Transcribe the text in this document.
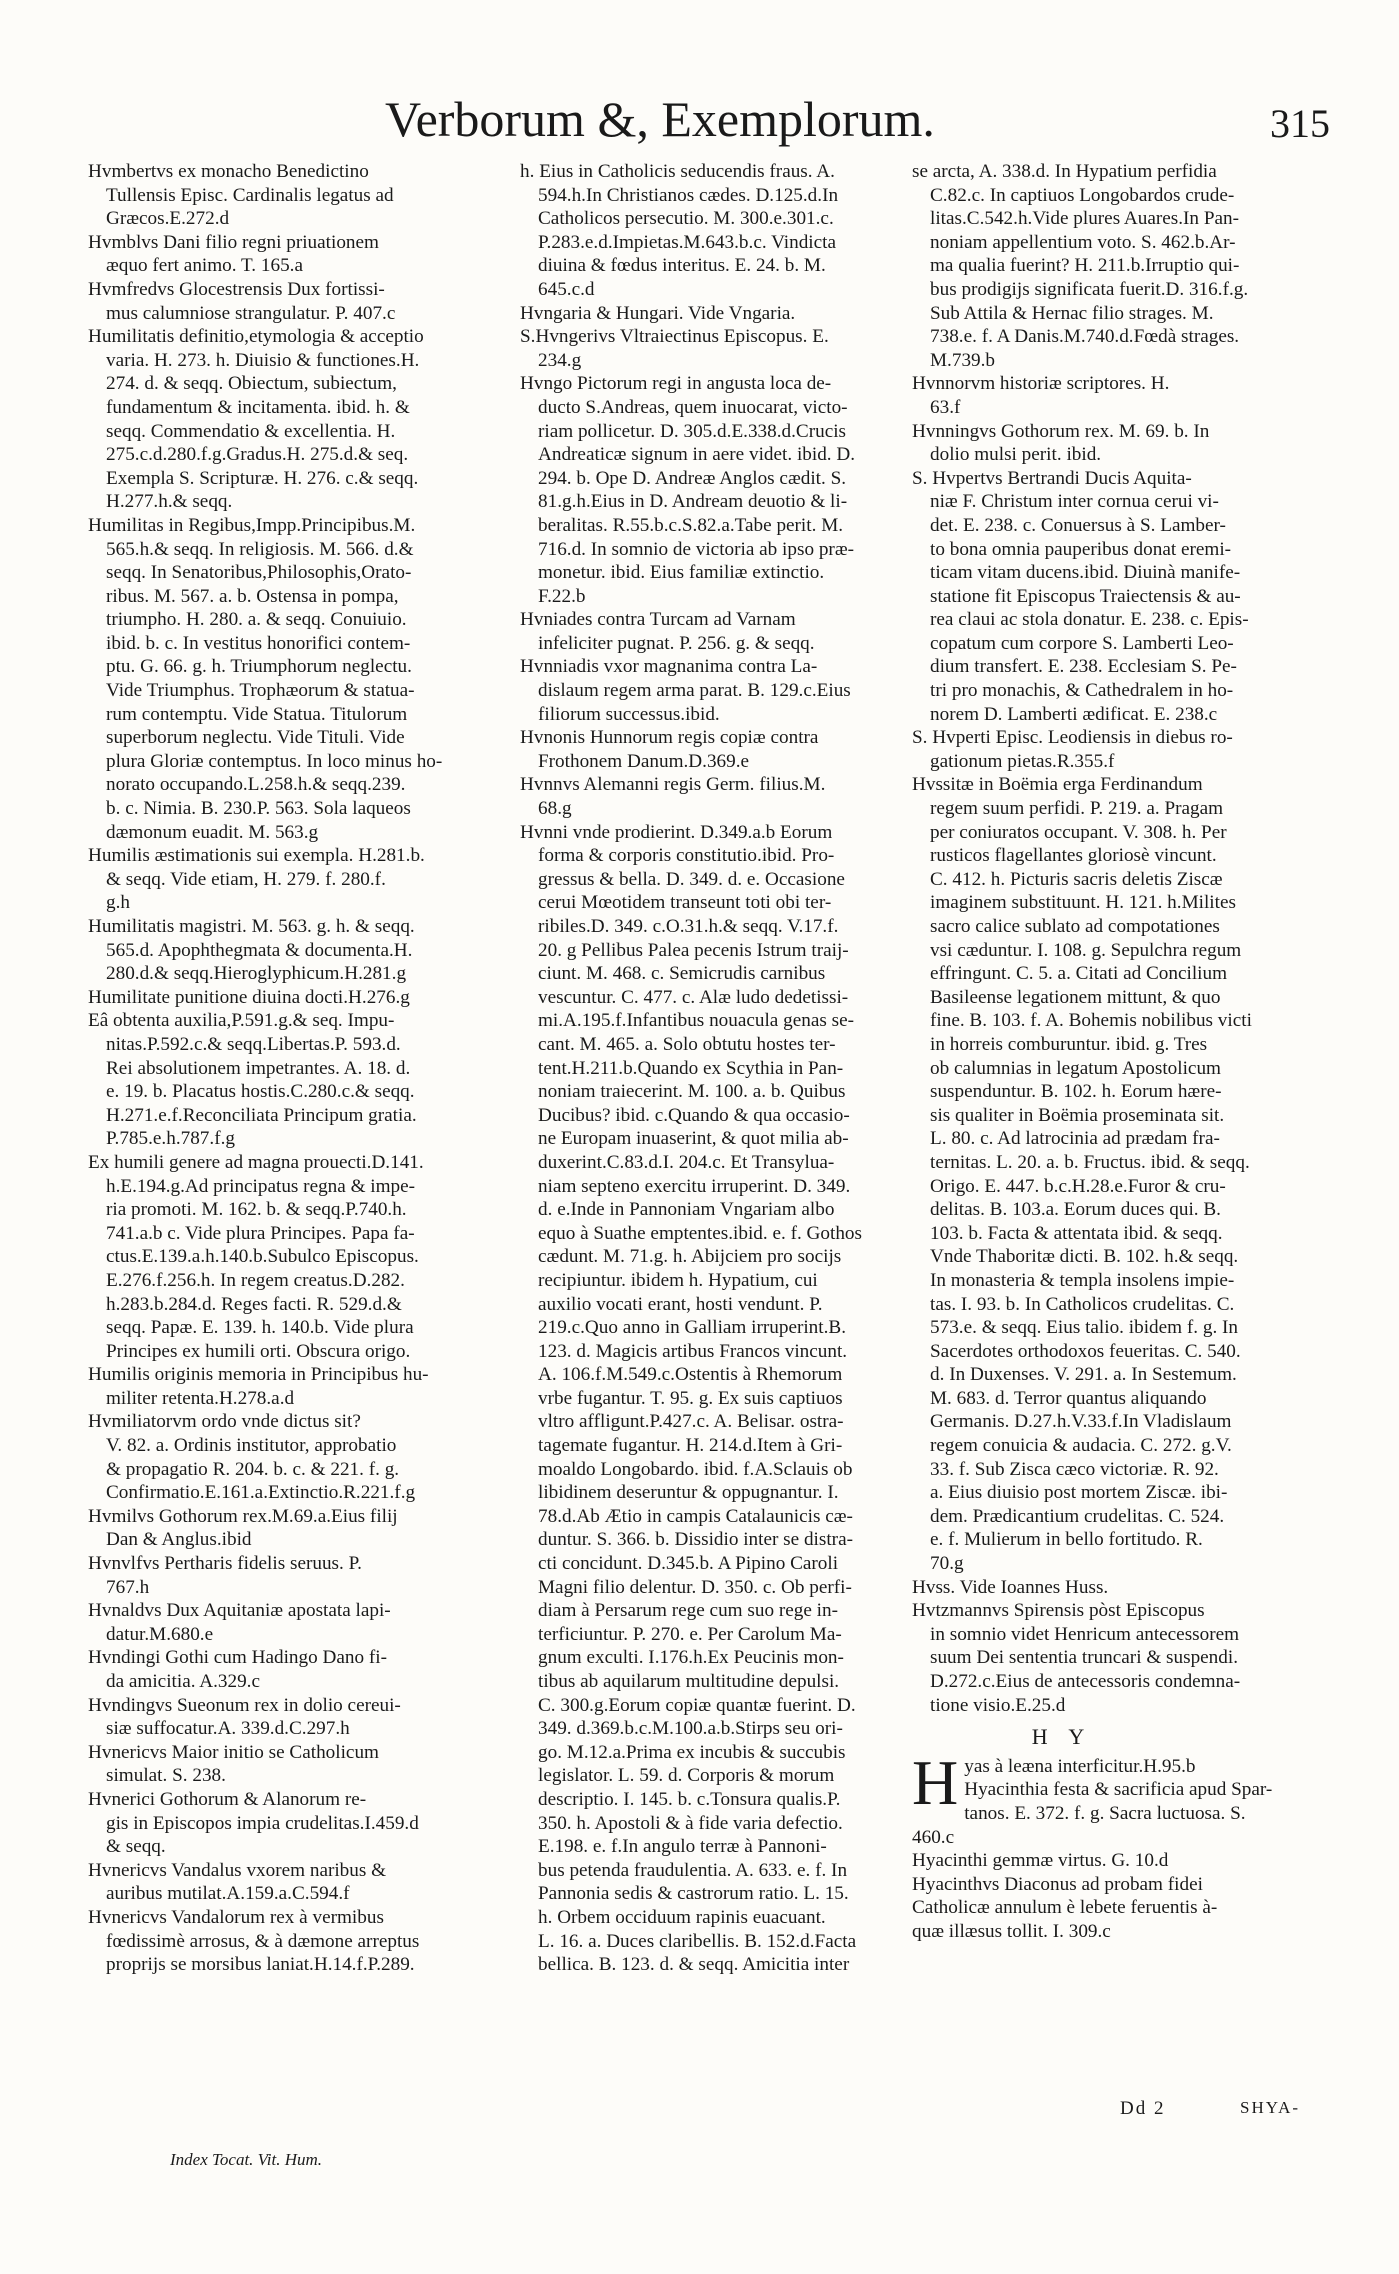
Verborum &, Exemplorum.	315
Hvmbertvs ex monacho Benedictino
Tullensis Episc. Cardinalis legatus ad
Græcos.E.272.d
Hvmblvs Dani filio regni priuationem
æquo fert animo. T. 165.a
Hvmfredvs Glocestrensis Dux fortissi-
mus calumniose strangulatur. P. 407.c
Humilitatis definitio,etymologia & acceptio
varia. H. 273. h. Diuisio & functiones.H.
274. d. & seqq. Obiectum, subiectum,
fundamentum & incitamenta. ibid. h. &
seqq. Commendatio & excellentia. H.
275.c.d.280.f.g.Gradus.H. 275.d.& seq.
Exempla S. Scripturæ. H. 276. c.& seqq.
H.277.h.& seqq.
Humilitas in Regibus,Impp.Principibus.M.
565.h.& seqq. In religiosis. M. 566. d.&
seqq. In Senatoribus,Philosophis,Orato-
ribus. M. 567. a. b. Ostensa in pompa,
triumpho. H. 280. a. & seqq. Conuiuio.
ibid. b. c. In vestitus honorifici contem-
ptu. G. 66. g. h. Triumphorum neglectu.
Vide Triumphus. Trophæorum & statua-
rum contemptu. Vide Statua. Titulorum
superborum neglectu. Vide Tituli. Vide
plura Gloriæ contemptus. In loco minus ho-
norato occupando.L.258.h.& seqq.239.
b. c. Nimia. B. 230.P. 563. Sola laqueos
dæmonum euadit. M. 563.g
Humilis æstimationis sui exempla. H.281.b.
& seqq. Vide etiam, H. 279. f. 280.f.
g.h
Humilitatis magistri. M. 563. g. h. & seqq.
565.d. Apophthegmata & documenta.H.
280.d.& seqq.Hieroglyphicum.H.281.g
Humilitate punitione diuina docti.H.276.g
Eâ obtenta auxilia,P.591.g.& seq. Impu-
nitas.P.592.c.& seqq.Libertas.P. 593.d.
Rei absolutionem impetrantes. A. 18. d.
e. 19. b. Placatus hostis.C.280.c.& seqq.
H.271.e.f.Reconciliata Principum gratia.
P.785.e.h.787.f.g
Ex humili genere ad magna prouecti.D.141.
h.E.194.g.Ad principatus regna & impe-
ria promoti. M. 162. b. & seqq.P.740.h.
741.a.b c. Vide plura Principes. Papa fa-
ctus.E.139.a.h.140.b.Subulco Episcopus.
E.276.f.256.h. In regem creatus.D.282.
h.283.b.284.d. Reges facti. R. 529.d.&
seqq. Papæ. E. 139. h. 140.b. Vide plura
Principes ex humili orti. Obscura origo.
Humilis originis memoria in Principibus hu-
militer retenta.H.278.a.d
Hvmiliatorvm ordo vnde dictus sit?
V. 82. a. Ordinis institutor, approbatio
& propagatio R. 204. b. c. & 221. f. g.
Confirmatio.E.161.a.Extinctio.R.221.f.g
Hvmilvs Gothorum rex.M.69.a.Eius filij
Dan & Anglus.ibid
Hvnvlfvs Pertharis fidelis seruus. P.
767.h
Hvnaldvs Dux Aquitaniæ apostata lapi-
datur.M.680.e
Hvndingi Gothi cum Hadingo Dano fi-
da amicitia. A.329.c
Hvndingvs Sueonum rex in dolio cereui-
siæ suffocatur.A. 339.d.C.297.h
Hvnericvs Maior initio se Catholicum
simulat. S. 238.
Hvnerici Gothorum & Alanorum re-
gis in Episcopos impia crudelitas.I.459.d
& seqq.
Hvnericvs Vandalus vxorem naribus &
auribus mutilat.A.159.a.C.594.f
Hvnericvs Vandalorum rex à vermibus
fœdissimè arrosus, & à dæmone arreptus
proprijs se morsibus laniat.H.14.f.P.289.
h. Eius in Catholicis seducendis fraus. A.
594.h.In Christianos cædes. D.125.d.In
Catholicos persecutio. M. 300.e.301.c.
P.283.e.d.Impietas.M.643.b.c. Vindicta
diuina & fœdus interitus. E. 24. b. M.
645.c.d
Hvngaria & Hungari. Vide Vngaria.
S.Hvngerivs Vltraiectinus Episcopus. E.
234.g
Hvngo Pictorum regi in angusta loca de-
ducto S.Andreas, quem inuocarat, victo-
riam pollicetur. D. 305.d.E.338.d.Crucis
Andreaticæ signum in aere videt. ibid. D.
294. b. Ope D. Andreæ Anglos cædit. S.
81.g.h.Eius in D. Andream deuotio & li-
beralitas. R.55.b.c.S.82.a.Tabe perit. M.
716.d. In somnio de victoria ab ipso præ-
monetur. ibid. Eius familiæ extinctio.
F.22.b
Hvniades contra Turcam ad Varnam
infeliciter pugnat. P. 256. g. & seqq.
Hvnniadis vxor magnanima contra La-
dislaum regem arma parat. B. 129.c.Eius
filiorum successus.ibid.
Hvnonis Hunnorum regis copiæ contra
Frothonem Danum.D.369.e
Hvnnvs Alemanni regis Germ. filius.M.
68.g
Hvnni vnde prodierint. D.349.a.b Eorum
forma & corporis constitutio.ibid. Pro-
gressus & bella. D. 349. d. e. Occasione
cerui Mœotidem transeunt toti obi ter-
ribiles.D. 349. c.O.31.h.& seqq. V.17.f.
20. g Pellibus Palea pecenis Istrum traij-
ciunt. M. 468. c. Semicrudis carnibus
vescuntur. C. 477. c. Alæ ludo dedetissi-
mi.A.195.f.Infantibus nouacula genas se-
cant. M. 465. a. Solo obtutu hostes ter-
tent.H.211.b.Quando ex Scythia in Pan-
noniam traiecerint. M. 100. a. b. Quibus
Ducibus? ibid. c.Quando & qua occasio-
ne Europam inuaserint, & quot milia ab-
duxerint.C.83.d.I. 204.c. Et Transylua-
niam septeno exercitu irruperint. D. 349.
d. e.Inde in Pannoniam Vngariam albo
equo à Suathe emptentes.ibid. e. f. Gothos
cædunt. M. 71.g. h. Abijciem pro socijs
recipiuntur. ibidem h. Hypatium, cui
auxilio vocati erant, hosti vendunt. P.
219.c.Quo anno in Galliam irruperint.B.
123. d. Magicis artibus Francos vincunt.
A. 106.f.M.549.c.Ostentis à Rhemorum
vrbe fugantur. T. 95. g. Ex suis captiuos
vltro affligunt.P.427.c. A. Belisar. ostra-
tagemate fugantur. H. 214.d.Item à Gri-
moaldo Longobardo. ibid. f.A.Sclauis ob
libidinem deseruntur & oppugnantur. I.
78.d.Ab Ætio in campis Catalaunicis cæ-
duntur. S. 366. b. Dissidio inter se distra-
cti concidunt. D.345.b. A Pipino Caroli
Magni filio delentur. D. 350. c. Ob perfi-
diam à Persarum rege cum suo rege in-
terficiuntur. P. 270. e. Per Carolum Ma-
gnum exculti. I.176.h.Ex Peucinis mon-
tibus ab aquilarum multitudine depulsi.
C. 300.g.Eorum copiæ quantæ fuerint. D.
349. d.369.b.c.M.100.a.b.Stirps seu ori-
go. M.12.a.Prima ex incubis & succubis
legislator. L. 59. d. Corporis & morum
descriptio. I. 145. b. c.Tonsura qualis.P.
350. h. Apostoli & à fide varia defectio.
E.198. e. f.In angulo terræ à Pannoni-
bus petenda fraudulentia. A. 633. e. f. In
Pannonia sedis & castrorum ratio. L. 15.
h. Orbem occiduum rapinis euacuant.
L. 16. a. Duces claribellis. B. 152.d.Facta
bellica. B. 123. d. & seqq. Amicitia inter
se arcta, A. 338.d. In Hypatium perfidia
C.82.c. In captiuos Longobardos crude-
litas.C.542.h.Vide plures Auares.In Pan-
noniam appellentium voto. S. 462.b.Ar-
ma qualia fuerint? H. 211.b.Irruptio qui-
bus prodigijs significata fuerit.D. 316.f.g.
Sub Attila & Hernac filio strages. M.
738.e. f. A Danis.M.740.d.Fœdà strages.
M.739.b
Hvnnorvm historiæ scriptores. H.
63.f
Hvnningvs Gothorum rex. M. 69. b. In
dolio mulsi perit. ibid.
S. Hvpertvs Bertrandi Ducis Aquita-
niæ F. Christum inter cornua cerui vi-
det. E. 238. c. Conuersus à S. Lamber-
to bona omnia pauperibus donat eremi-
ticam vitam ducens.ibid. Diuinà manife-
statione fit Episcopus Traiectensis & au-
rea claui ac stola donatur. E. 238. c. Epis-
copatum cum corpore S. Lamberti Leo-
dium transfert. E. 238. Ecclesiam S. Pe-
tri pro monachis, & Cathedralem in ho-
norem D. Lamberti ædificat. E. 238.c
S. Hvperti Episc. Leodiensis in diebus ro-
gationum pietas.R.355.f
Hvssitæ in Boëmia erga Ferdinandum
regem suum perfidi. P. 219. a. Pragam
per coniuratos occupant. V. 308. h. Per
rusticos flagellantes gloriosè vincunt.
C. 412. h. Picturis sacris deletis Ziscæ
imaginem substituunt. H. 121. h.Milites
sacro calice sublato ad compotationes
vsi cæduntur. I. 108. g. Sepulchra regum
effringunt. C. 5. a. Citati ad Concilium
Basileense legationem mittunt, & quo
fine. B. 103. f. A. Bohemis nobilibus victi
in horreis comburuntur. ibid. g. Tres
ob calumnias in legatum Apostolicum
suspenduntur. B. 102. h. Eorum hære-
sis qualiter in Boëmia proseminata sit.
L. 80. c. Ad latrocinia ad prædam fra-
ternitas. L. 20. a. b. Fructus. ibid. & seqq.
Origo. E. 447. b.c.H.28.e.Furor & cru-
delitas. B. 103.a. Eorum duces qui. B.
103. b. Facta & attentata ibid. & seqq.
Vnde Thaboritæ dicti. B. 102. h.& seqq.
In monasteria & templa insolens impie-
tas. I. 93. b. In Catholicos crudelitas. C.
573.e. & seqq. Eius talio. ibidem f. g. In
Sacerdotes orthodoxos feueritas. C. 540.
d. In Duxenses. V. 291. a. In Sestemum.
M. 683. d. Terror quantus aliquando
Germanis. D.27.h.V.33.f.In Vladislaum
regem conuicia & audacia. C. 272. g.V.
33. f. Sub Zisca cæco victoriæ. R. 92.
a. Eius diuisio post mortem Ziscæ. ibi-
dem. Prædicantium crudelitas. C. 524.
e. f. Mulierum in bello fortitudo. R.
70.g
Hvss. Vide Ioannes Huss.
Hvtzmannvs Spirensis pòst Episcopus
in somnio videt Henricum antecessorem
suum Dei sententia truncari & suspendi.
D.272.c.Eius de antecessoris condemna-
tione visio.E.25.d
H Y
H yas à leæna interficitur.H.95.b
Hyacinthia festa & sacrificia apud Spar-
tanos. E. 372. f. g. Sacra luctuosa. S.
460.c
Hyacinthi gemmæ virtus. G. 10.d
Hyacinthvs Diaconus ad probam fidei
Catholicæ annulum è lebete feruentis à-
quæ illæsus tollit. I. 309.c
Dd 2	SHYA-
Index Tocat. Vit. Hum.
